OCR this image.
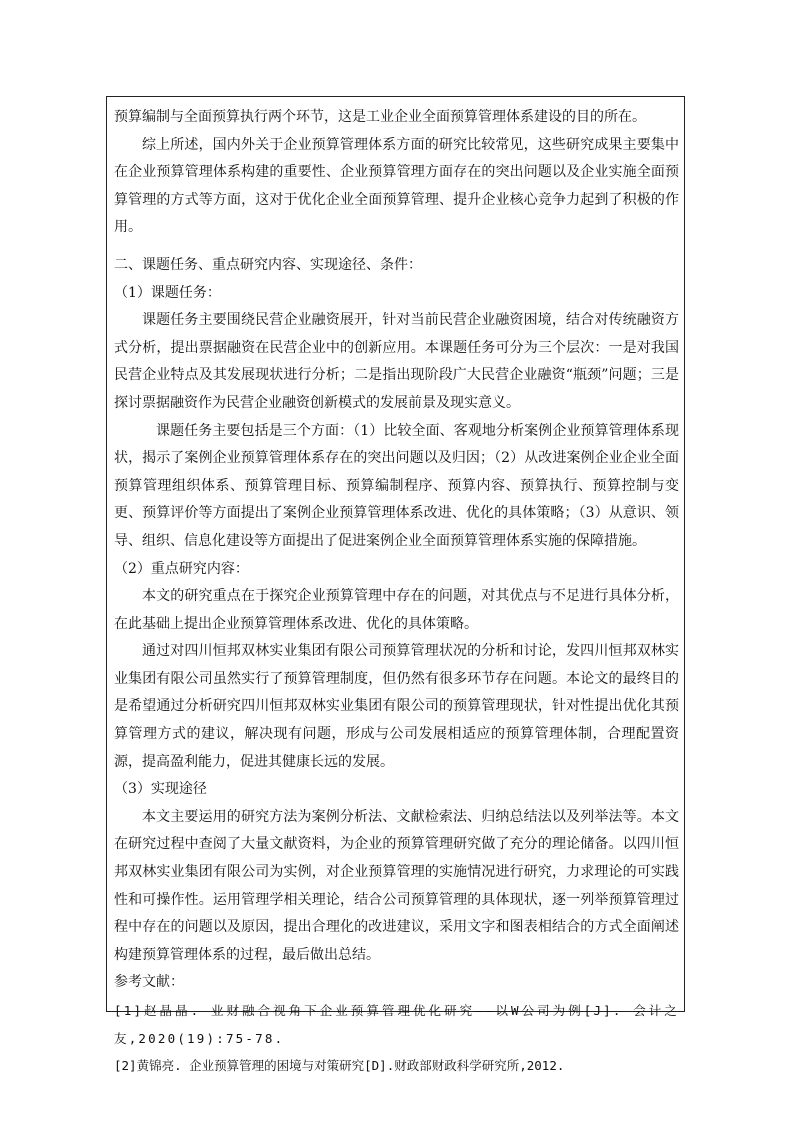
预算编制与全面预算执行两个环节，这是工业企业全面预算管理体系建设的目的所在。

综上所述，国内外关于企业预算管理体系方面的研究比较常见，这些研究成果主要集中在企业预算管理体系构建的重要性、企业预算管理方面存在的突出问题以及企业实施全面预算管理的方式等方面，这对于优化企业全面预算管理、提升企业核心竞争力起到了积极的作用。

二、课题任务、重点研究内容、实现途径、条件：

（1）课题任务：

课题任务主要围绕民营企业融资展开，针对当前民营企业融资困境，结合对传统融资方式分析，提出票据融资在民营企业中的创新应用。本课题任务可分为三个层次：一是对我国民营企业特点及其发展现状进行分析；二是指出现阶段广大民营企业融资“瓶颈”问题；三是探讨票据融资作为民营企业融资创新模式的发展前景及现实意义。

课题任务主要包括是三个方面：（1）比较全面、客观地分析案例企业预算管理体系现状，揭示了案例企业预算管理体系存在的突出问题以及归因；（2）从改进案例企业企业全面预算管理组织体系、预算管理目标、预算编制程序、预算内容、预算执行、预算控制与变更、预算评价等方面提出了案例企业预算管理体系改进、优化的具体策略；（3）从意识、领导、组织、信息化建设等方面提出了促进案例企业全面预算管理体系实施的保障措施。

（2）重点研究内容：

本文的研究重点在于探究企业预算管理中存在的问题，对其优点与不足进行具体分析，在此基础上提出企业预算管理体系改进、优化的具体策略。

通过对四川恒邦双林实业集团有限公司预算管理状况的分析和讨论，发四川恒邦双林实业集团有限公司虽然实行了预算管理制度，但仍然有很多环节存在问题。本论文的最终目的是希望通过分析研究四川恒邦双林实业集团有限公司的预算管理现状，针对性提出优化其预算管理方式的建议，解决现有问题，形成与公司发展相适应的预算管理体制，合理配置资源，提高盈利能力，促进其健康长远的发展。

（3）实现途径

本文主要运用的研究方法为案例分析法、文献检索法、归纳总结法以及列举法等。本文在研究过程中查阅了大量文献资料，为企业的预算管理研究做了充分的理论储备。以四川恒邦双林实业集团有限公司为实例，对企业预算管理的实施情况进行研究，力求理论的可实践性和可操作性。运用管理学相关理论，结合公司预算管理的具体现状，逐一列举预算管理过程中存在的问题以及原因，提出合理化的改进建议，采用文字和图表相结合的方式全面阐述构建预算管理体系的过程，最后做出总结。

参考文献：

[1]赵晶晶. 业财融合视角下企业预算管理优化研究——以W公司为例[J]. 会计之友,2020(19):75-78.

[2]黄锦亮. 企业预算管理的困境与对策研究[D].财政部财政科学研究所,2012.
